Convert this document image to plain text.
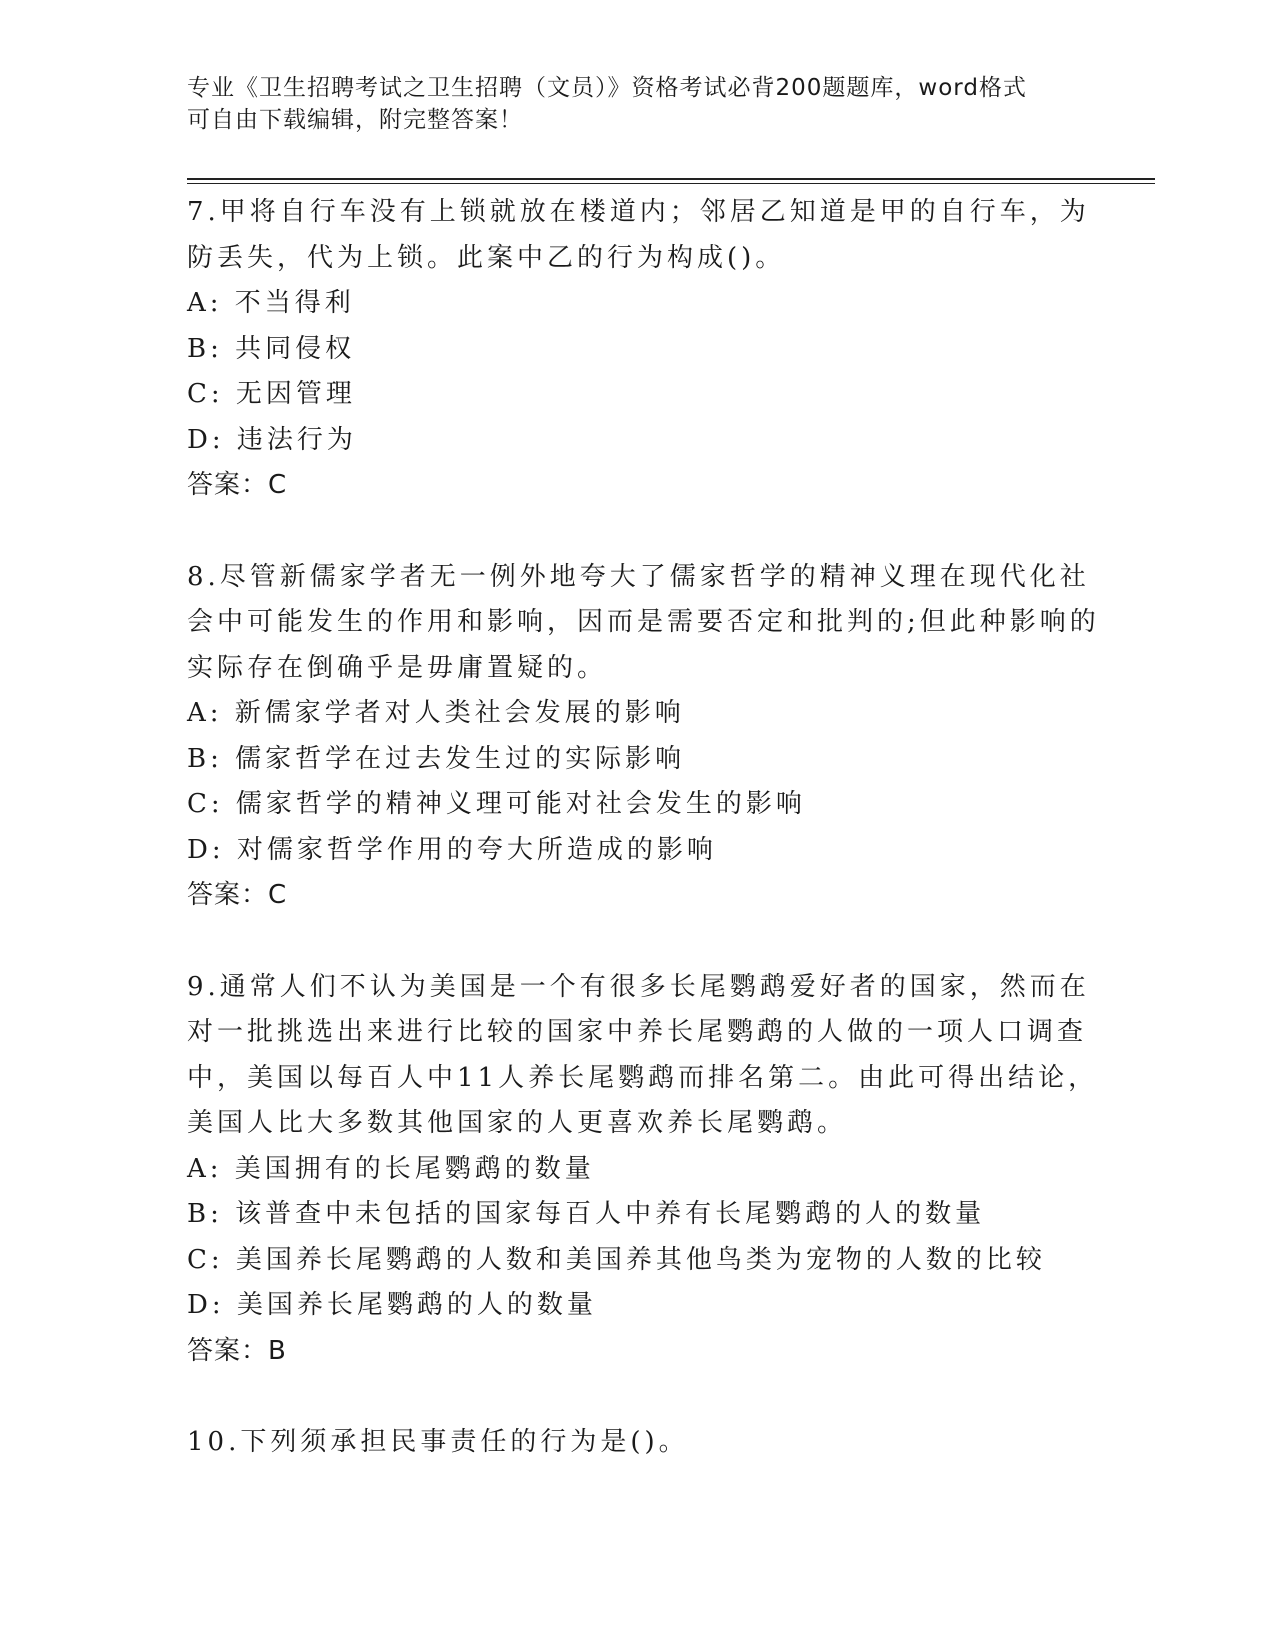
专业《卫生招聘考试之卫生招聘（文员）》资格考试必背200题题库，word格式
可自由下载编辑，附完整答案！
7.甲将自行车没有上锁就放在楼道内；邻居乙知道是甲的自行车，为
防丢失，代为上锁。此案中乙的行为构成()。
A: 不当得利
B: 共同侵权
C: 无因管理
D: 违法行为
答案：C
8.尽管新儒家学者无一例外地夸大了儒家哲学的精神义理在现代化社
会中可能发生的作用和影响，因而是需要否定和批判的;但此种影响的
实际存在倒确乎是毋庸置疑的。
A: 新儒家学者对人类社会发展的影响
B: 儒家哲学在过去发生过的实际影响
C: 儒家哲学的精神义理可能对社会发生的影响
D: 对儒家哲学作用的夸大所造成的影响
答案：C
9.通常人们不认为美国是一个有很多长尾鹦鹉爱好者的国家，然而在
对一批挑选出来进行比较的国家中养长尾鹦鹉的人做的一项人口调查
中，美国以每百人中11人养长尾鹦鹉而排名第二。由此可得出结论，
美国人比大多数其他国家的人更喜欢养长尾鹦鹉。
A: 美国拥有的长尾鹦鹉的数量
B: 该普查中未包括的国家每百人中养有长尾鹦鹉的人的数量
C: 美国养长尾鹦鹉的人数和美国养其他鸟类为宠物的人数的比较
D: 美国养长尾鹦鹉的人的数量
答案：B
10.下列须承担民事责任的行为是()。
